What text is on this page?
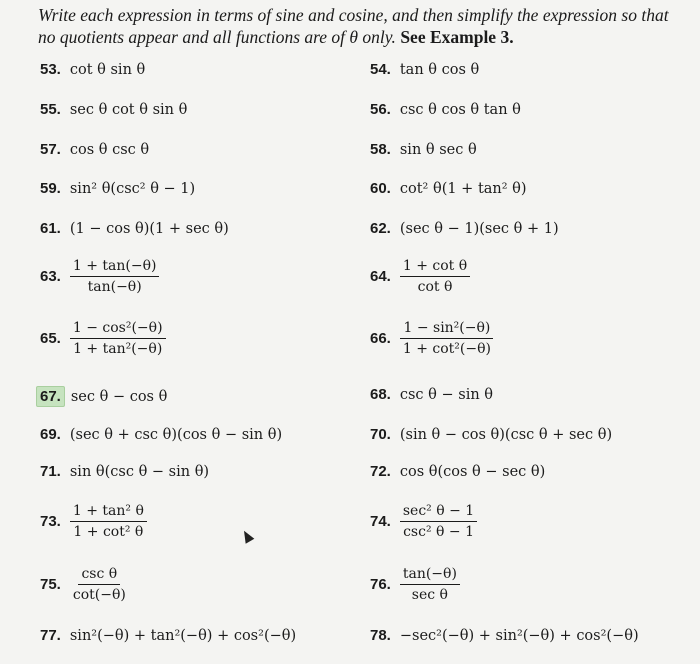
Write each expression in terms of sine and cosine, and then simplify the expression so that no quotients appear and all functions are of θ only. See Example 3.
53. cot θ sin θ	54. tan θ cos θ
55. sec θ cot θ sin θ	56. csc θ cos θ tan θ
57. cos θ csc θ	58. sin θ sec θ
59. sin² θ(csc² θ − 1)	60. cot² θ(1 + tan² θ)
61. (1 − cos θ)(1 + sec θ)	62. (sec θ − 1)(sec θ + 1)
63. $\frac{1 + \tan(-\theta)}{\tan(-\theta)}$	64. $\frac{\text{1 + cot θ}}{\text{cot θ}}$
65. $\frac{\text{1 − cos²(−θ)}}{\text{1 + tan²(−θ)}}$	66. $\frac{\text{1 − sin²(−θ)}}{\text{1 + cot²(−θ)}}$
67. sec θ − cos θ	68. csc θ − sin θ
69. (sec θ + csc θ)(cos θ − sin θ)	70. (sin θ − cos θ)(csc θ + sec θ)
71. sin θ(csc θ − sin θ)	72. cos θ(cos θ − sec θ)
73. $\frac{\text{1 + tan² θ}}{\text{1 + cot² θ}}$	74. $\frac{\text{sec² θ − 1}}{\text{csc² θ − 1}}$
75. $\frac{\text{csc θ}}{\cot(-\theta)}$	76. $\frac{\tan(-\theta)}{\text{sec θ}}$
77. sin²(−θ) + tan²(−θ) + cos²(−θ)	78. −sec²(−θ) + sin²(−θ) + cos²(−θ)
